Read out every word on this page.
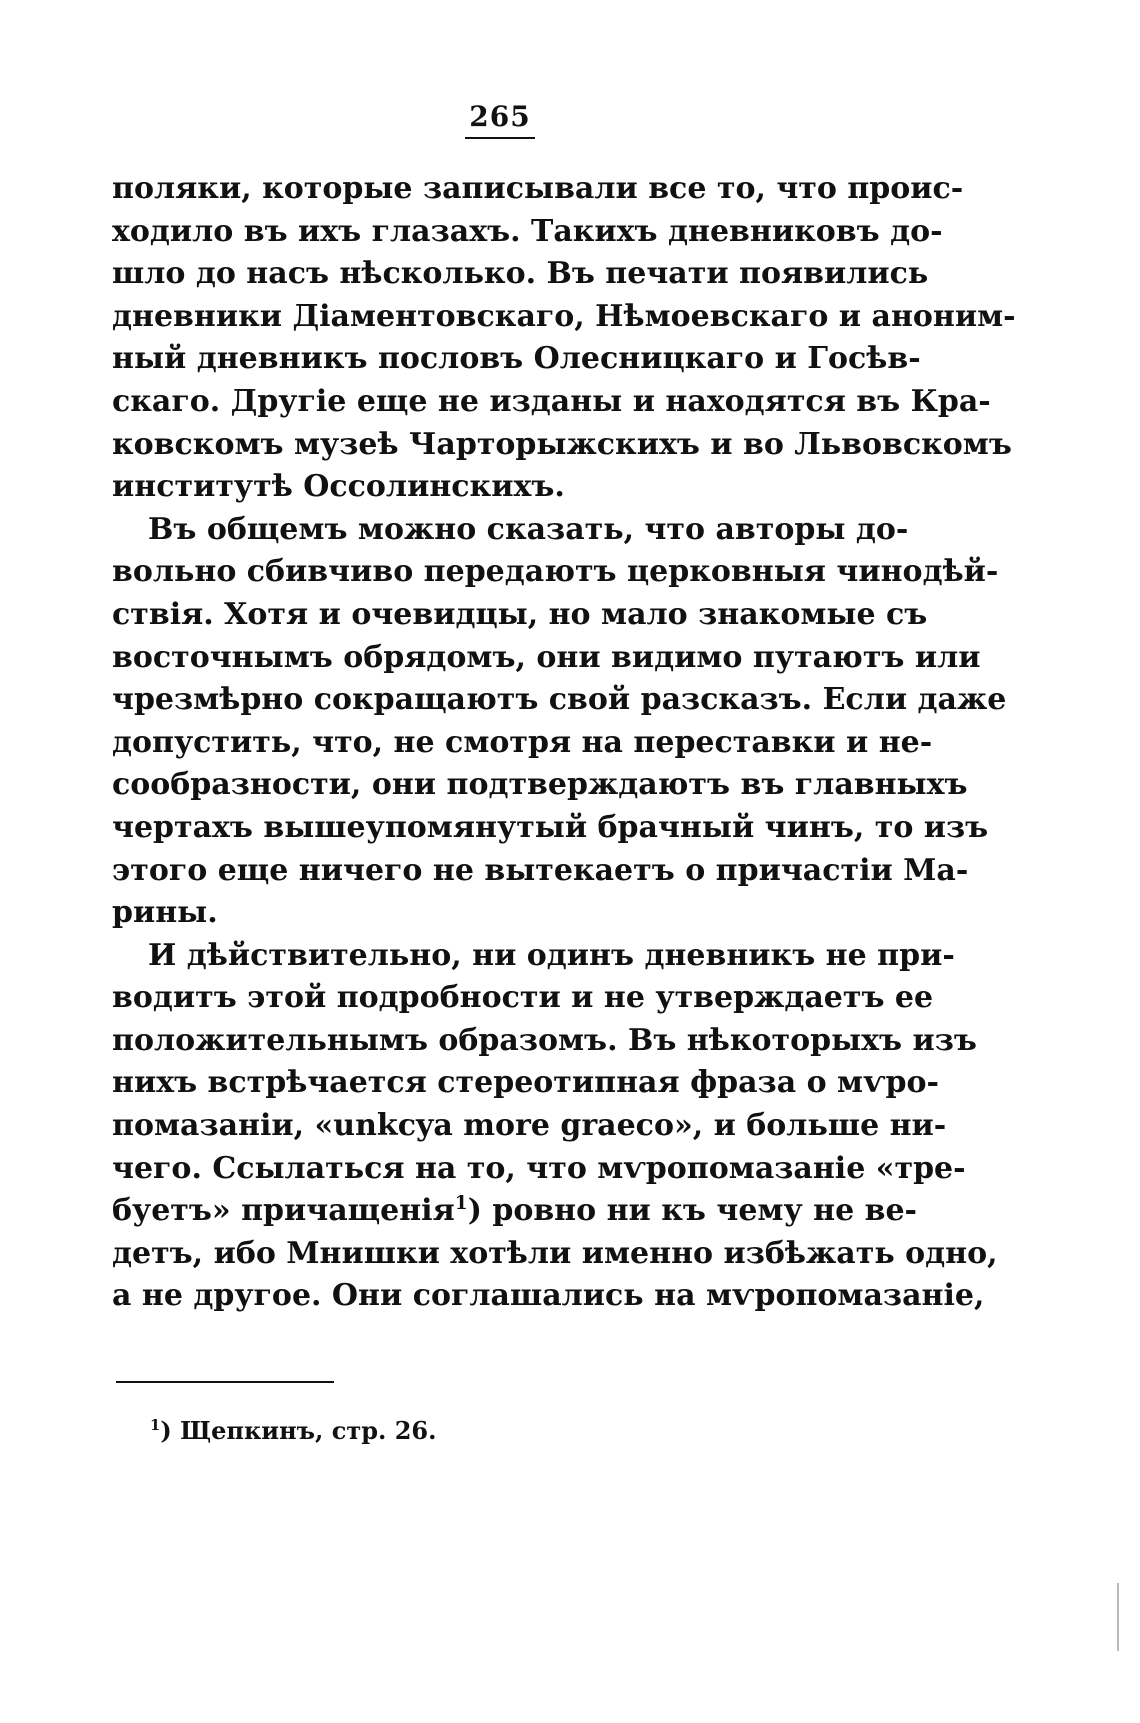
265
поляки, которые записывали все то, что проис-
ходило въ ихъ глазахъ. Такихъ дневниковъ до-
шло до насъ нѣсколько. Въ печати появились
дневники Діаментовскаго, Нѣмоевскаго и аноним-
ный дневникъ пословъ Олесницкаго и Госѣв-
скаго. Другіе еще не изданы и находятся въ Кра-
ковскомъ музеѣ Чарторыжскихъ и во Львовскомъ
институтѣ Оссолинскихъ.
Въ общемъ можно сказать, что авторы до-
вольно сбивчиво передаютъ церковныя чинодѣй-
ствія. Хотя и очевидцы, но мало знакомые съ
восточнымъ обрядомъ, они видимо путаютъ или
чрезмѣрно сокращаютъ свой разсказъ. Если даже
допустить, что, не смотря на переставки и не-
сообразности, они подтверждаютъ въ главныхъ
чертахъ вышеупомянутый брачный чинъ, то изъ
этого еще ничего не вытекаетъ о причастіи Ма-
рины.
И дѣйствительно, ни одинъ дневникъ не при-
водитъ этой подробности и не утверждаетъ ее
положительнымъ образомъ. Въ нѣкоторыхъ изъ
нихъ встрѣчается стереотипная фраза о мѵро-
помазаніи, «unkcya more graeco», и больше ни-
чего. Ссылаться на то, что мѵропомазаніе «тре-
буетъ» причащенія$^1$) ровно ни къ чему не ве-
детъ, ибо Мнишки хотѣли именно избѣжать одно,
а не другое. Они соглашались на мѵропомазаніе,
$^1$) Щепкинъ, стр. 26.
